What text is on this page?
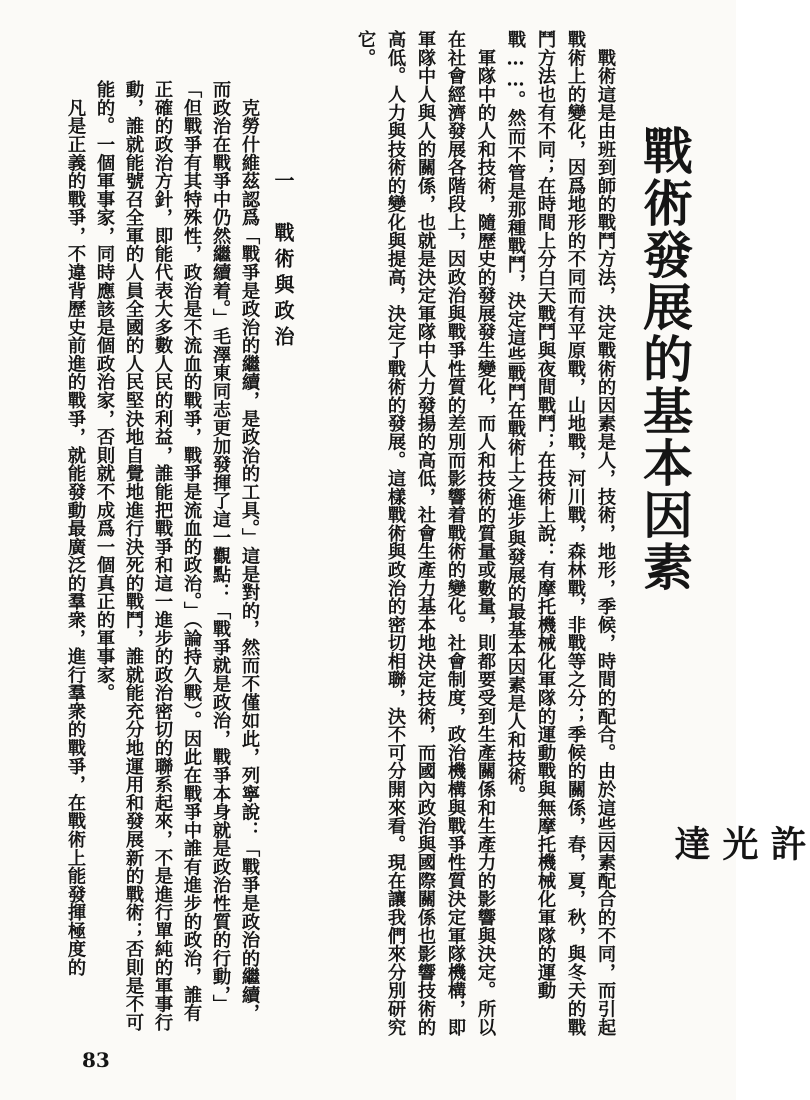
戰術發展的基本因素
許 光 達

　戰術這是由班到師的戰鬥方法，決定戰術的因素是人，技術，地形，季候，時間的配合。由於這些因素配合的不同，而引起戰術上的變化，因爲地形的不同而有平原戰，山地戰，河川戰，森林戰，非戰等之分；季候的關係，春，夏，秋，與冬天的戰鬥方法也有不同；在時間上分白天戰鬥與夜間戰鬥；在技術上說：有摩托機械化軍隊的運動戰與無摩托機械化軍隊的運動戰……。然而不管是那種戰鬥，決定這些戰鬥在戰術上之進步與發展的最基本因素是人和技術。
　軍隊中的人和技術，隨歷史的發展發生變化，而人和技術的質量或數量，則都要受到生產關係和生產力的影響與決定。所以在社會經濟發展各階段上，因政治與戰爭性質的差別而影響着戰術的變化。社會制度，政治機構與戰爭性質決定軍隊機構，即軍隊中人與人的關係，也就是決定軍隊中人力發揚的高低，社會生產力基本地決定技術，而國內政治與國際關係也影響技術的高低。人力與技術的變化與提高，決定了戰術的發展。這樣戰術與政治的密切相聯，決不可分開來看。現在讓我們來分別研究它。

一　戰術與政治

　克勞什維茲認爲「戰爭是政治的繼續，是政治的工具。」這是對的，然而不僅如此，列寧說：「戰爭是政治的繼續，而政治在戰爭中仍然繼續着。」毛澤東同志更加發揮了這一觀點：「戰爭就是政治，戰爭本身就是政治性質的行動，」「但戰爭有其特殊性，政治是不流血的戰爭，戰爭是流血的政治。」（論持久戰）。因此在戰爭中誰有進步的政治，誰有正確的政治方針，即能代表大多數人民的利益，誰能把戰爭和這一進步的政治密切的聯系起來，不是進行單純的軍事行動，誰就能號召全軍的人員全國的人民堅決地自覺地進行決死的戰鬥，誰就能充分地運用和發展新的戰術；否則是不可能的。一個軍事家，同時應該是個政治家，否則就不成爲一個真正的軍事家。
　凡是正義的戰爭，不違背歷史前進的戰爭，就能發動最廣泛的羣衆，進行羣衆的戰爭，在戰術上能發揮極度的

83
